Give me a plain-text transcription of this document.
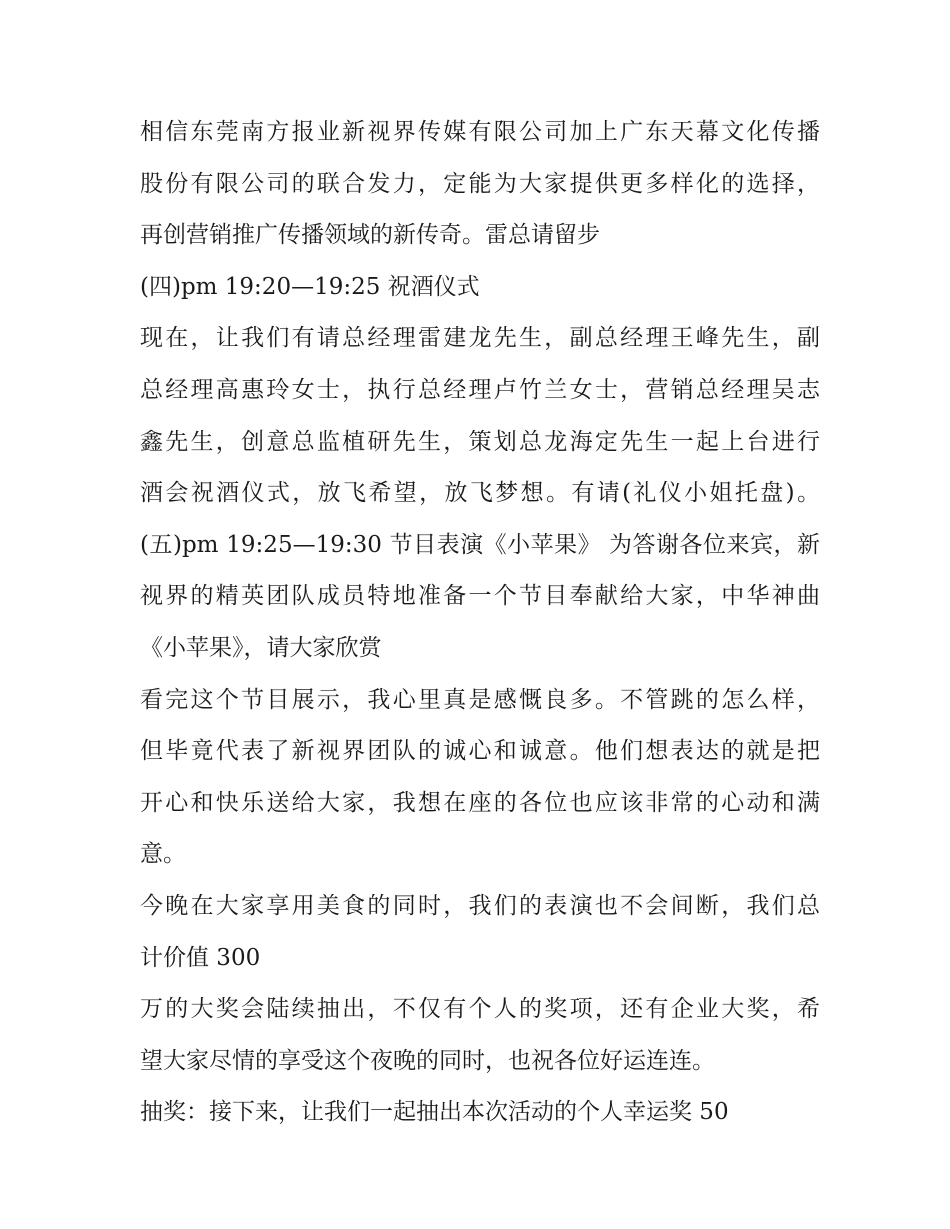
相信东莞南方报业新视界传媒有限公司加上广东天幕文化传播
股份有限公司的联合发力，定能为大家提供更多样化的选择，
再创营销推广传播领域的新传奇。雷总请留步
(四)pm 19:20—19:25 祝酒仪式
现在，让我们有请总经理雷建龙先生，副总经理王峰先生，副
总经理高惠玲女士，执行总经理卢竹兰女士，营销总经理吴志
鑫先生，创意总监植研先生，策划总龙海定先生一起上台进行
酒会祝酒仪式，放飞希望，放飞梦想。有请(礼仪小姐托盘)。
(五)pm 19:25—19:30 节目表演《小苹果》 为答谢各位来宾，新
视界的精英团队成员特地准备一个节目奉献给大家，中华神曲
《小苹果》，请大家欣赏
看完这个节目展示，我心里真是感慨良多。不管跳的怎么样，
但毕竟代表了新视界团队的诚心和诚意。他们想表达的就是把
开心和快乐送给大家，我想在座的各位也应该非常的心动和满
意。
今晚在大家享用美食的同时，我们的表演也不会间断，我们总
计价值 300
万的大奖会陆续抽出，不仅有个人的奖项，还有企业大奖，希
望大家尽情的享受这个夜晚的同时，也祝各位好运连连。
抽奖：接下来，让我们一起抽出本次活动的个人幸运奖 50
